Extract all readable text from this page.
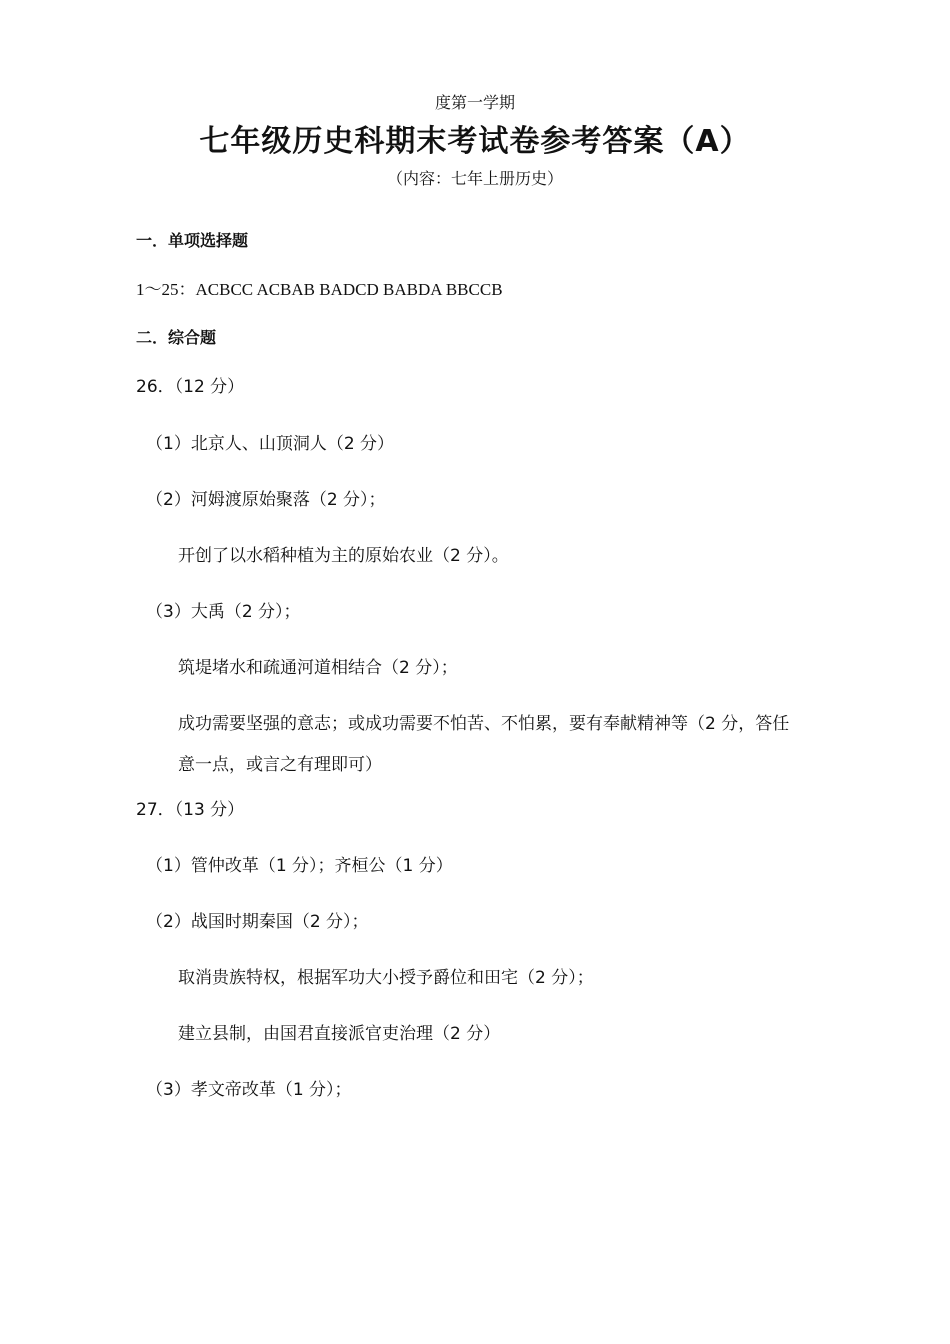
度第一学期
七年级历史科期末考试卷参考答案（A）
（内容：七年上册历史）
一．单项选择题
1～25：ACBCC ACBAB BADCD BABDA BBCCB
二．综合题
26．（12 分）
（1）北京人、山顶洞人（2 分）
（2）河姆渡原始聚落（2 分）；
开创了以水稻种植为主的原始农业（2 分）。
（3）大禹（2 分）；
筑堤堵水和疏通河道相结合（2 分）；
成功需要坚强的意志；或成功需要不怕苦、不怕累，要有奉献精神等（2 分，答任
意一点，或言之有理即可）
27．（13 分）
（1）管仲改革（1 分）；齐桓公（1 分）
（2）战国时期秦国（2 分）；
取消贵族特权，根据军功大小授予爵位和田宅（2 分）；
建立县制，由国君直接派官吏治理（2 分）
（3）孝文帝改革（1 分）；
